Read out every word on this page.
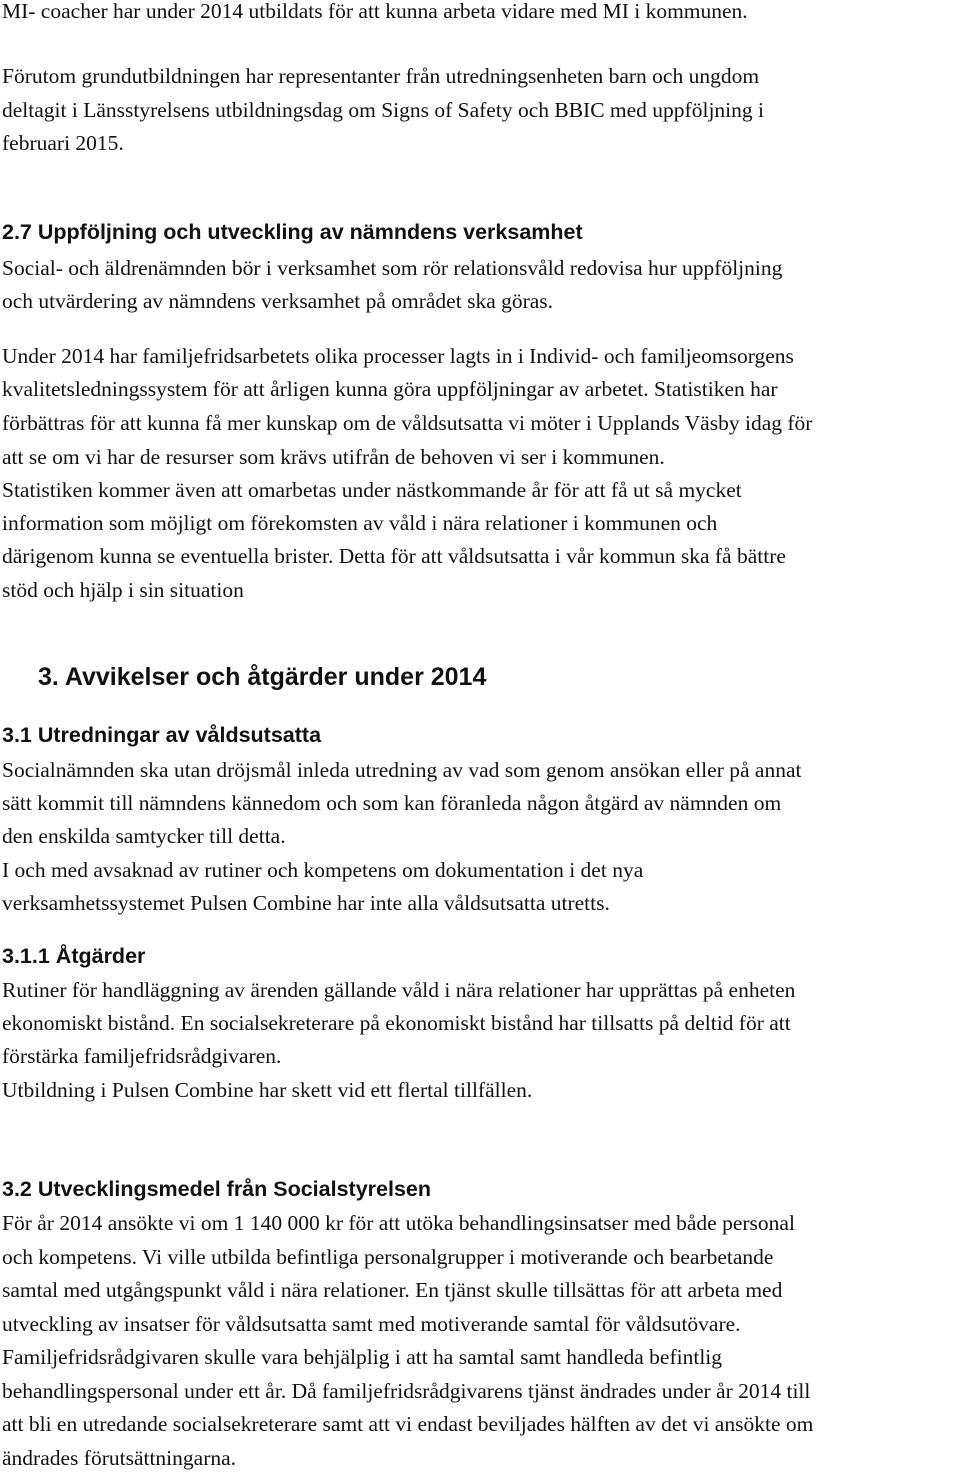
MI- coacher har under 2014 utbildats för att kunna arbeta vidare med MI i kommunen.
Förutom grundutbildningen har representanter från utredningsenheten barn och ungdom
deltagit i Länsstyrelsens utbildningsdag om Signs of Safety och BBIC med uppföljning i
februari 2015.
2.7 Uppföljning och utveckling av nämndens verksamhet
Social- och äldrenämnden bör i verksamhet som rör relationsvåld redovisa hur uppföljning
och utvärdering av nämndens verksamhet på området ska göras.
Under 2014 har familjefridsarbetets olika processer lagts in i Individ- och familjeomsorgens
kvalitetsledningssystem för att årligen kunna göra uppföljningar av arbetet. Statistiken har
förbättras för att kunna få mer kunskap om de våldsutsatta vi möter i Upplands Väsby idag för
att se om vi har de resurser som krävs utifrån de behoven vi ser i kommunen.
Statistiken kommer även att omarbetas under nästkommande år för att få ut så mycket
information som möjligt om förekomsten av våld i nära relationer i kommunen och
därigenom kunna se eventuella brister. Detta för att våldsutsatta i vår kommun ska få bättre
stöd och hjälp i sin situation
3. Avvikelser och åtgärder under 2014
3.1 Utredningar av våldsutsatta
Socialnämnden ska utan dröjsmål inleda utredning av vad som genom ansökan eller på annat
sätt kommit till nämndens kännedom och som kan föranleda någon åtgärd av nämnden om
den enskilda samtycker till detta.
I och med avsaknad av rutiner och kompetens om dokumentation i det nya
verksamhetssystemet Pulsen Combine har inte alla våldsutsatta utretts.
3.1.1 Åtgärder
Rutiner för handläggning av ärenden gällande våld i nära relationer har upprättas på enheten
ekonomiskt bistånd. En socialsekreterare på ekonomiskt bistånd har tillsatts på deltid för att
förstärka familjefridsrådgivaren.
Utbildning i Pulsen Combine har skett vid ett flertal tillfällen.
3.2 Utvecklingsmedel från Socialstyrelsen
För år 2014 ansökte vi om 1 140 000 kr för att utöka behandlingsinsatser med både personal
och kompetens. Vi ville utbilda befintliga personalgrupper i motiverande och bearbetande
samtal med utgångspunkt våld i nära relationer. En tjänst skulle tillsättas för att arbeta med
utveckling av insatser för våldsutsatta samt med motiverande samtal för våldsutövare.
Familjefridsrådgivaren skulle vara behjälplig i att ha samtal samt handleda befintlig
behandlingspersonal under ett år. Då familjefridsrådgivarens tjänst ändrades under år 2014 till
att bli en utredande socialsekreterare samt att vi endast beviljades hälften av det vi ansökte om
ändrades förutsättningarna.
